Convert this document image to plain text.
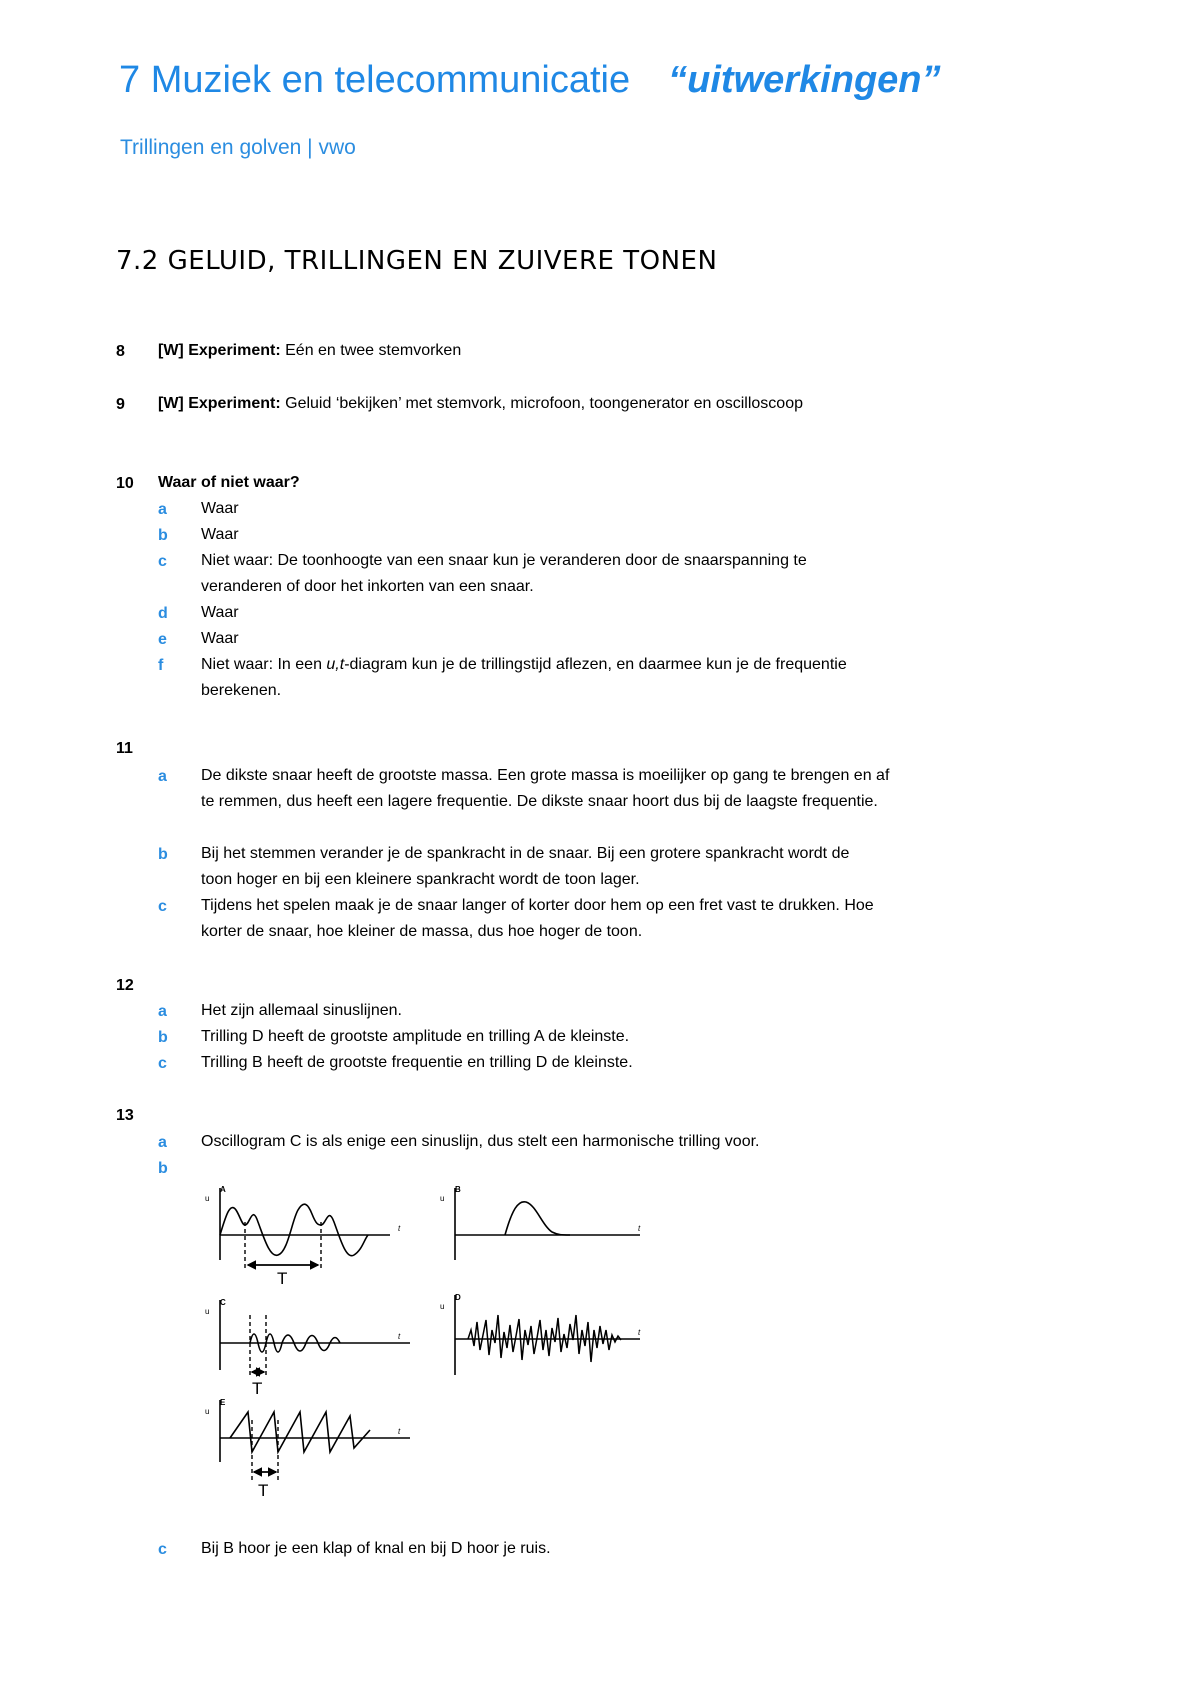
7 Muziek en telecommunicatie “uitwerkingen”
Trillingen en golven | vwo
7.2 GELUID, TRILLINGEN EN ZUIVERE TONEN
8 [W] Experiment: Eén en twee stemvorken
9 [W] Experiment: Geluid ‘bekijken’ met stemvork, microfoon, toongenerator en oscilloscoop
10 Waar of niet waar?
a Waar
b Waar
c Niet waar: De toonhoogte van een snaar kun je veranderen door de snaarspanning te veranderen of door het inkorten van een snaar.
d Waar
e Waar
f Niet waar: In een u,t-diagram kun je de trillingstijd aflezen, en daarmee kun je de frequentie berekenen.
11
a De dikste snaar heeft de grootste massa. Een grote massa is moeilijker op gang te brengen en af te remmen, dus heeft een lagere frequentie. De dikste snaar hoort dus bij de laagste frequentie.
b Bij het stemmen verander je de spankracht in de snaar. Bij een grotere spankracht wordt de toon hoger en bij een kleinere spankracht wordt de toon lager.
c Tijdens het spelen maak je de snaar langer of korter door hem op een fret vast te drukken. Hoe korter de snaar, hoe kleiner de massa, dus hoe hoger de toon.
12
a Het zijn allemaal sinuslijnen.
b Trilling D heeft de grootste amplitude en trilling A de kleinste.
c Trilling B heeft de grootste frequentie en trilling D de kleinste.
13
a Oscillogram C is als enige een sinuslijn, dus stelt een harmonische trilling voor.
b
A
u
t
T
B
u
t
C
u
t
T
D
u
t
E
u
t
T
c Bij B hoor je een klap of knal en bij D hoor je ruis.
